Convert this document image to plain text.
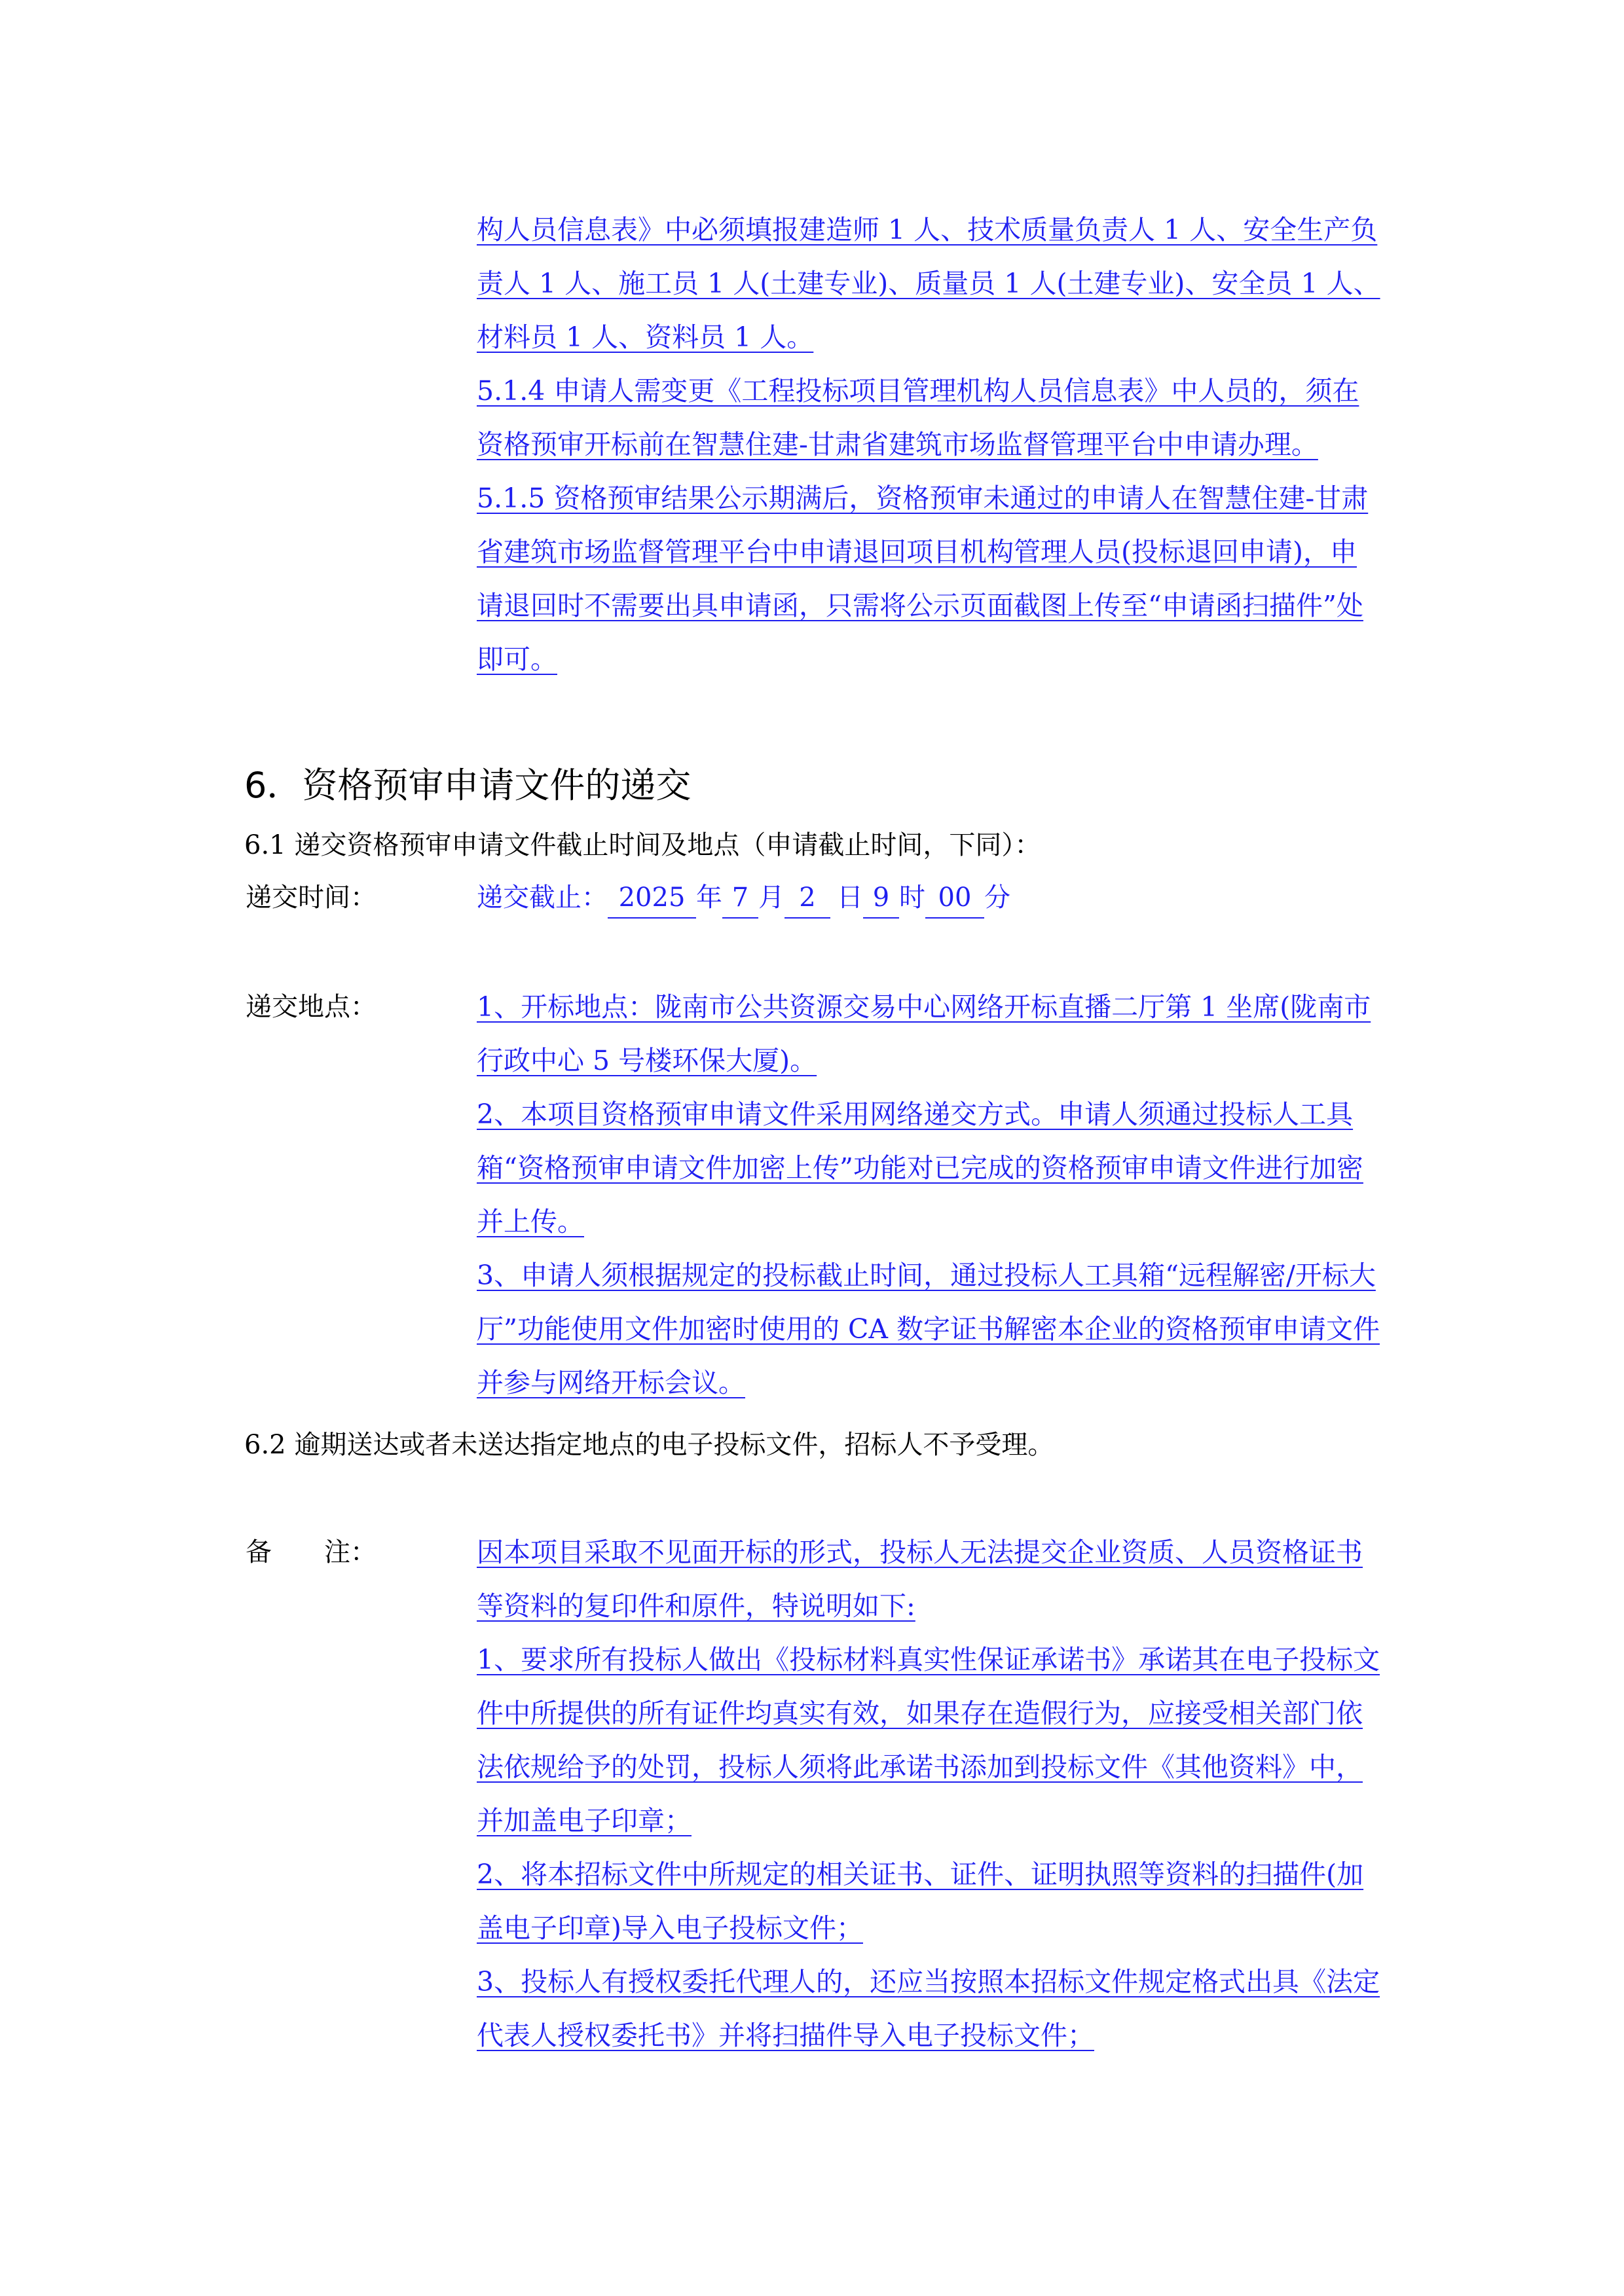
构人员信息表》中必须填报建造师 1 人、技术质量负责人 1 人、安全生产负责人 1 人、施工员 1 人(土建专业)、质量员 1 人(土建专业)、安全员 1 人、材料员 1 人、资料员 1 人。

5.1.4 申请人需变更《工程投标项目管理机构人员信息表》中人员的，须在资格预审开标前在智慧住建-甘肃省建筑市场监督管理平台中申请办理。

5.1.5 资格预审结果公示期满后，资格预审未通过的申请人在智慧住建-甘肃省建筑市场监督管理平台中申请退回项目机构管理人员(投标退回申请)，申请退回时不需要出具申请函，只需将公示页面截图上传至“申请函扫描件”处即可。

6．资格预审申请文件的递交
6.1 递交资格预审申请文件截止时间及地点（申请截止时间，下同）：
递交时间：	递交截止： 2025 年 7 月 2 日 9 时 00 分
递交地点：	1、开标地点：陇南市公共资源交易中心网络开标直播二厅第 1 坐席(陇南市行政中心 5 号楼环保大厦)。

2、本项目资格预审申请文件采用网络递交方式。申请人须通过投标人工具箱“资格预审申请文件加密上传”功能对已完成的资格预审申请文件进行加密并上传。

3、申请人须根据规定的投标截止时间，通过投标人工具箱“远程解密/开标大厅”功能使用文件加密时使用的 CA 数字证书解密本企业的资格预审申请文件并参与网络开标会议。

6.2 逾期送达或者未送达指定地点的电子投标文件，招标人不予受理。
备　　注：	因本项目采取不见面开标的形式，投标人无法提交企业资质、人员资格证书等资料的复印件和原件，特说明如下:

1、要求所有投标人做出《投标材料真实性保证承诺书》承诺其在电子投标文件中所提供的所有证件均真实有效，如果存在造假行为，应接受相关部门依法依规给予的处罚，投标人须将此承诺书添加到投标文件《其他资料》中，并加盖电子印章；

2、将本招标文件中所规定的相关证书、证件、证明执照等资料的扫描件(加盖电子印章)导入电子投标文件；

3、投标人有授权委托代理人的，还应当按照本招标文件规定格式出具《法定代表人授权委托书》并将扫描件导入电子投标文件；
